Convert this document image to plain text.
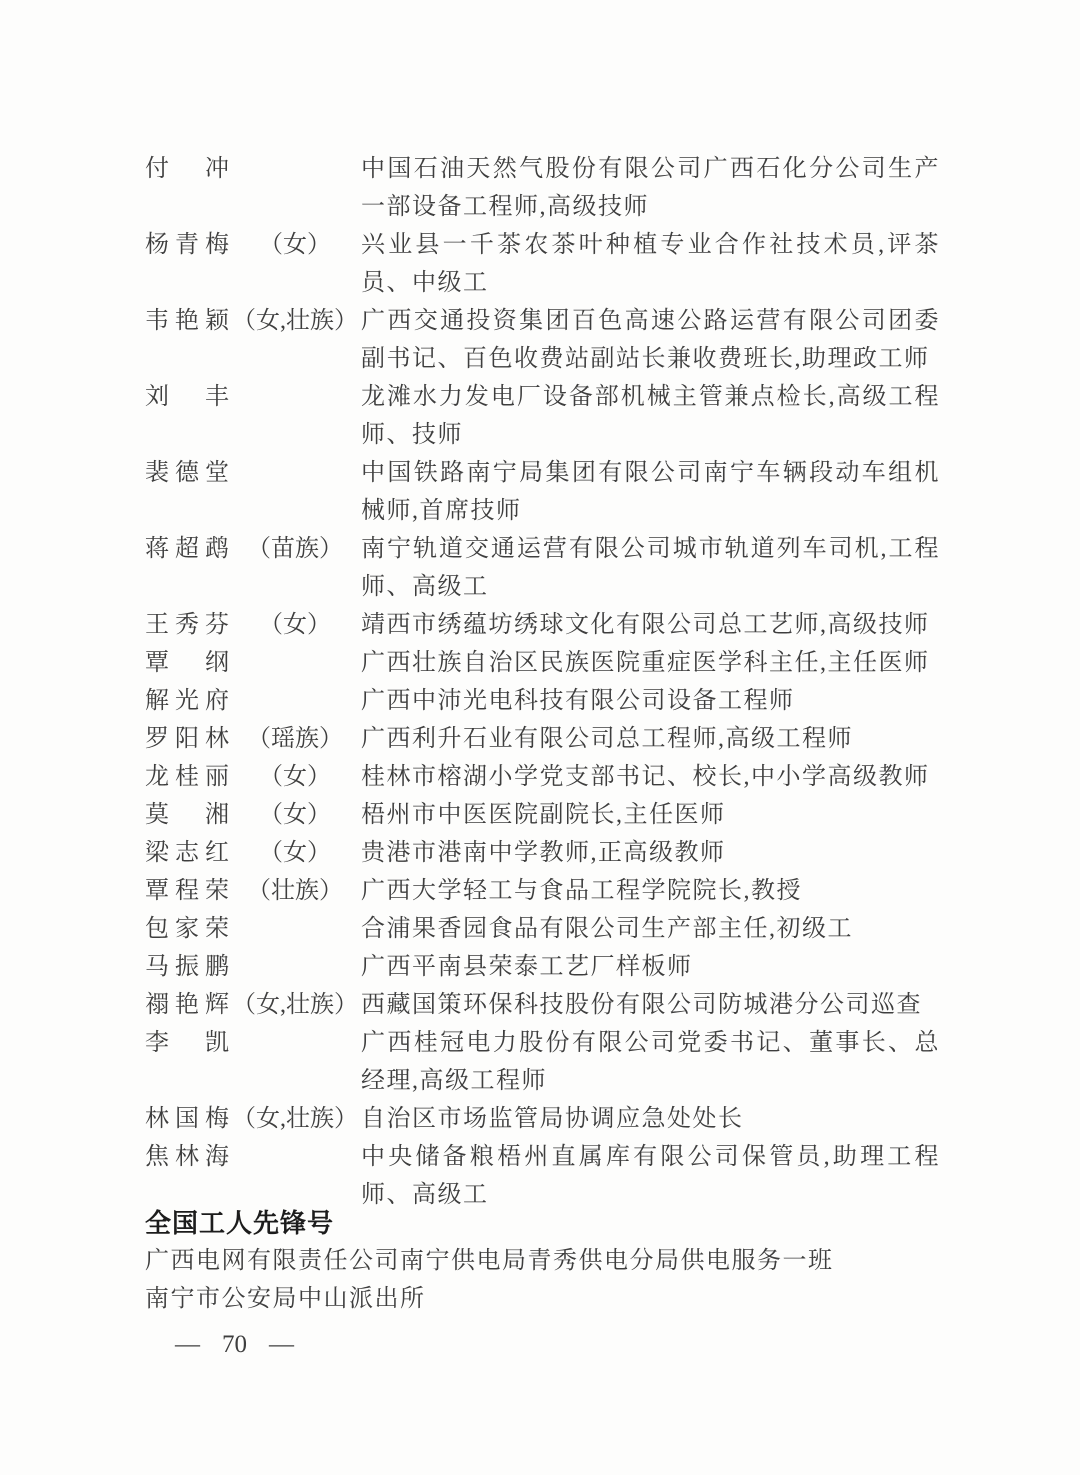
付冲	中国石油天然气股份有限公司广西石化分公司生产一部设备工程师,高级技师
杨青梅	（女）	兴业县一千茶农茶叶种植专业合作社技术员,评茶员、中级工
韦艳颖 （女,壮族） 广西交通投资集团百色高速公路运营有限公司团委副书记、百色收费站副站长兼收费班长,助理政工师
刘丰	龙滩水力发电厂设备部机械主管兼点检长,高级工程师、技师
裴德堂	中国铁路南宁局集团有限公司南宁车辆段动车组机械师,首席技师
蒋超鹉 （苗族） 南宁轨道交通运营有限公司城市轨道列车司机,工程师、高级工
王秀芬	（女）	靖西市绣蕴坊绣球文化有限公司总工艺师,高级技师
覃纲	广西壮族自治区民族医院重症医学科主任,主任医师
解光府	广西中沛光电科技有限公司设备工程师
罗阳林 （瑶族） 广西利升石业有限公司总工程师,高级工程师
龙桂丽	（女）	桂林市榕湖小学党支部书记、校长,中小学高级教师
莫湘	（女）	梧州市中医医院副院长,主任医师
梁志红	（女）	贵港市港南中学教师,正高级教师
覃程荣 （壮族） 广西大学轻工与食品工程学院院长,教授
包家荣	合浦果香园食品有限公司生产部主任,初级工
马振鹏	广西平南县荣泰工艺厂样板师
禤艳辉 （女,壮族） 西藏国策环保科技股份有限公司防城港分公司巡查
李凯	广西桂冠电力股份有限公司党委书记、董事长、总经理,高级工程师
林国梅 （女,壮族） 自治区市场监管局协调应急处处长
焦林海	中央储备粮梧州直属库有限公司保管员,助理工程师、高级工
全国工人先锋号
广西电网有限责任公司南宁供电局青秀供电分局供电服务一班
南宁市公安局中山派出所
— 70 —
